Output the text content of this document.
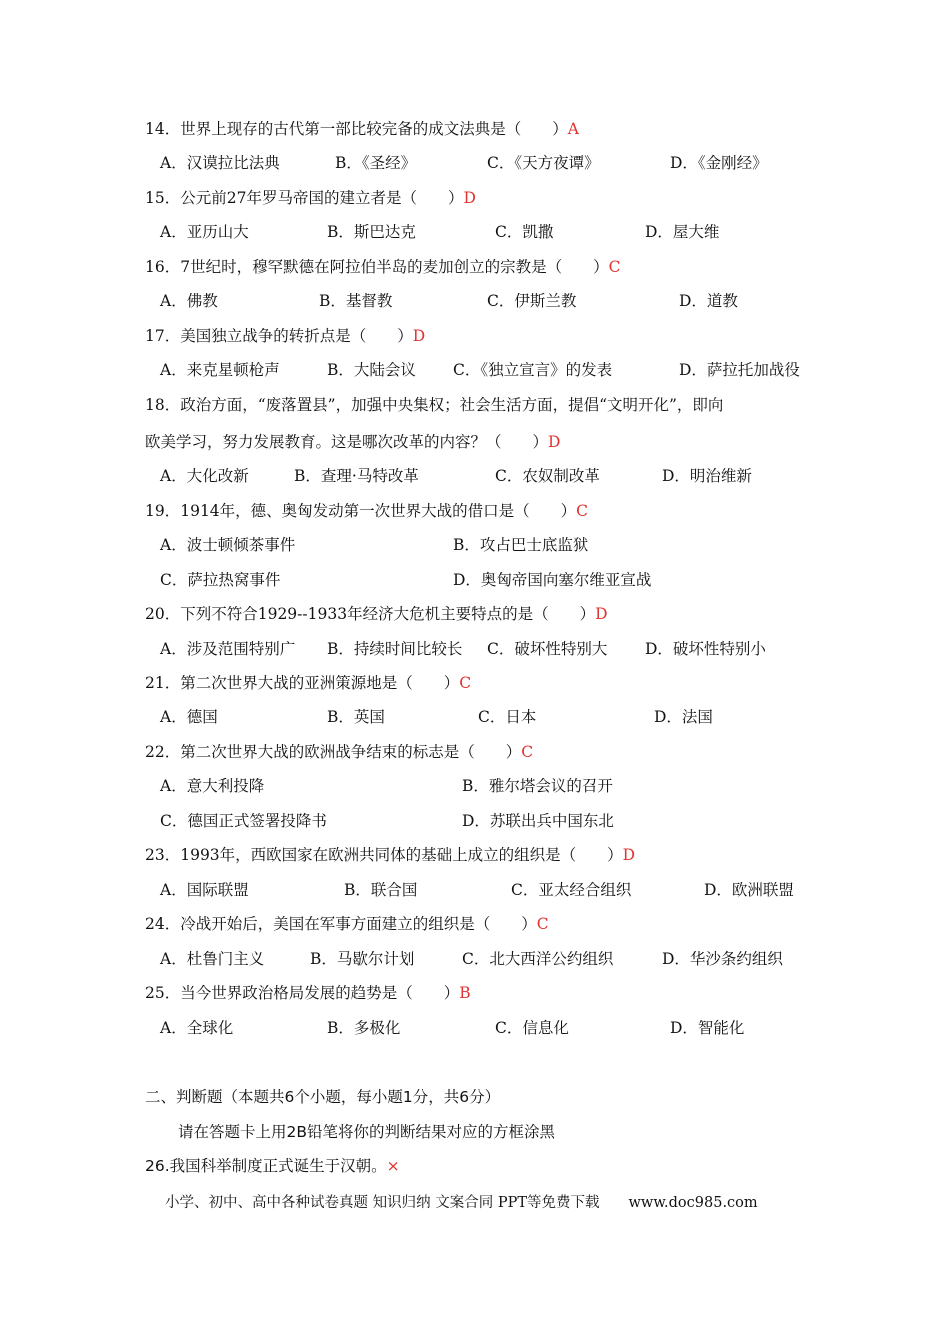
14．世界上现存的古代第一部比较完备的成文法典是（　　）A
A．汉谟拉比法典	B．《圣经》	C．《天方夜谭》	D．《金刚经》
15．公元前27年罗马帝国的建立者是（　　）D
A．亚历山大	B．斯巴达克	C．凯撒	D．屋大维
16．7世纪时，穆罕默德在阿拉伯半岛的麦加创立的宗教是（　　）C
A．佛教	B．基督教	C．伊斯兰教	D．道教
17．美国独立战争的转折点是（　　）D
A．来克星顿枪声	B．大陆会议 C．《独立宣言》的发表	D．萨拉托加战役
18．政治方面，“废落置县”，加强中央集权；社会生活方面，提倡“文明开化”，即向
欧美学习，努力发展教育。这是哪次改革的内容？（　　）D
A．大化改新	B．查理·马特改革	C．农奴制改革	D．明治维新
19．1914年，德、奥匈发动第一次世界大战的借口是（　　）C
A．波士顿倾茶事件	B．攻占巴士底监狱
C．萨拉热窝事件	D．奥匈帝国向塞尔维亚宣战
20．下列不符合1929--1933年经济大危机主要特点的是（　　）D
A．涉及范围特别广 B．持续时间比较长 C．破坏性特别大 D．破坏性特别小
21．第二次世界大战的亚洲策源地是（　　）C
A．德国	B．英国	C．日本	D．法国
22．第二次世界大战的欧洲战争结束的标志是（　　）C
A．意大利投降	B．雅尔塔会议的召开
C．德国正式签署投降书	D．苏联出兵中国东北
23．1993年，西欧国家在欧洲共同体的基础上成立的组织是（　　）D
A．国际联盟	B．联合国	C．亚太经合组织	D．欧洲联盟
24．冷战开始后，美国在军事方面建立的组织是（　　）C
A．杜鲁门主义	B．马歇尔计划	C．北大西洋公约组织	D．华沙条约组织
25．当今世界政治格局发展的趋势是（　　）B
A．全球化	B．多极化	C．信息化	D．智能化
二、判断题（本题共6个小题，每小题1分，共6分）
请在答题卡上用2B铅笔将你的判断结果对应的方框涂黑
26.我国科举制度正式诞生于汉朝。×
小学、初中、高中各种试卷真题 知识归纳 文案合同 PPT等免费下载　　www.doc985.com
